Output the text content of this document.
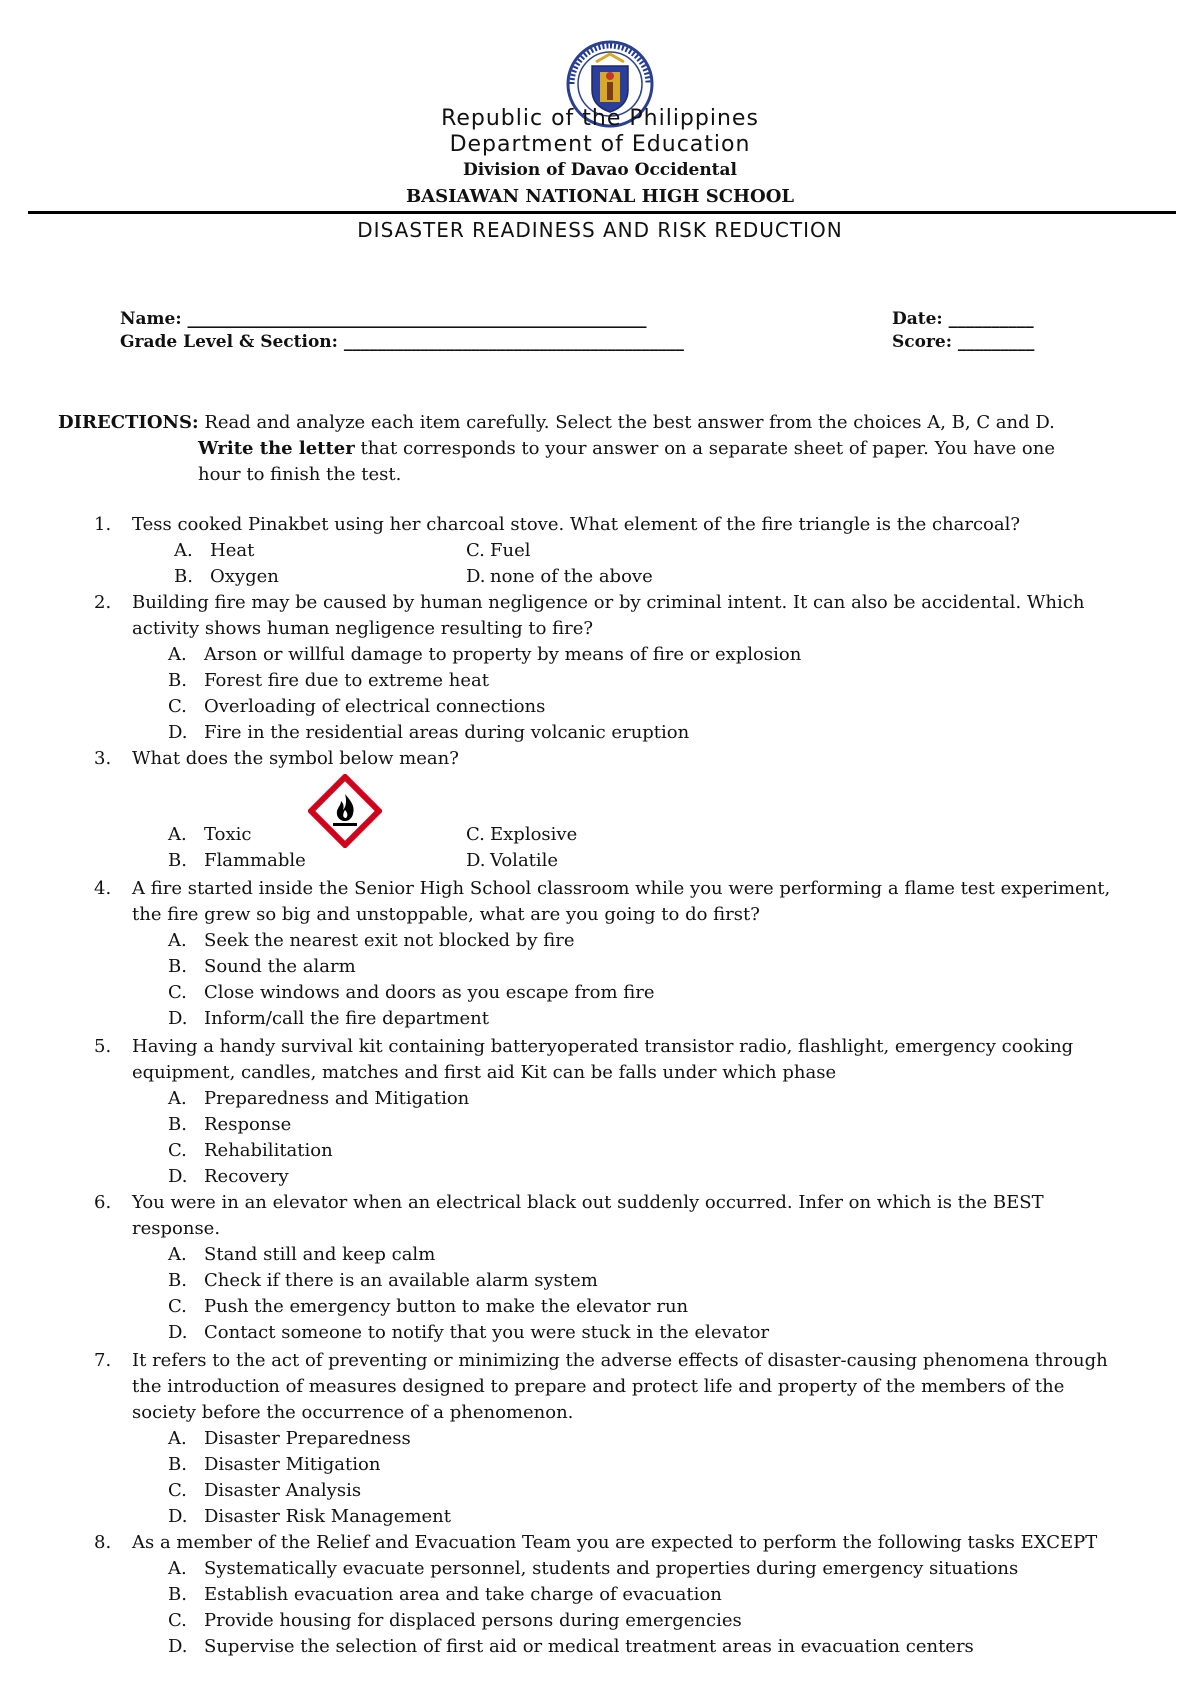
Republic of the Philippines
Department of Education
Division of Davao Occidental
BASIAWAN NATIONAL HIGH SCHOOL
DISASTER READINESS AND RISK REDUCTION
Name: ______________________________________________________
Grade Level & Section: ________________________________________
Date: __________
Score: _________
DIRECTIONS: Read and analyze each item carefully. Select the best answer from the choices A, B, C and D.
Write the letter that corresponds to your answer on a separate sheet of paper. You have one
hour to finish the test.
1. Tess cooked Pinakbet using her charcoal stove. What element of the fire triangle is the charcoal?
A. Heat	C. Fuel
B. Oxygen	D. none of the above
2. Building fire may be caused by human negligence or by criminal intent. It can also be accidental. Which
activity shows human negligence resulting to fire?
A. Arson or willful damage to property by means of fire or explosion
B. Forest fire due to extreme heat
C. Overloading of electrical connections
D. Fire in the residential areas during volcanic eruption
3. What does the symbol below mean?
A. Toxic	C. Explosive
B. Flammable	D. Volatile
4. A fire started inside the Senior High School classroom while you were performing a flame test experiment,
the fire grew so big and unstoppable, what are you going to do first?
A. Seek the nearest exit not blocked by fire
B. Sound the alarm
C. Close windows and doors as you escape from fire
D. Inform/call the fire department
5. Having a handy survival kit containing batteryoperated transistor radio, flashlight, emergency cooking
equipment, candles, matches and first aid Kit can be falls under which phase
A. Preparedness and Mitigation
B. Response
C. Rehabilitation
D. Recovery
6. You were in an elevator when an electrical black out suddenly occurred. Infer on which is the BEST
response.
A. Stand still and keep calm
B. Check if there is an available alarm system
C. Push the emergency button to make the elevator run
D. Contact someone to notify that you were stuck in the elevator
7. It refers to the act of preventing or minimizing the adverse effects of disaster-causing phenomena through
the introduction of measures designed to prepare and protect life and property of the members of the
society before the occurrence of a phenomenon.
A. Disaster Preparedness
B. Disaster Mitigation
C. Disaster Analysis
D. Disaster Risk Management
8. As a member of the Relief and Evacuation Team you are expected to perform the following tasks EXCEPT
A. Systematically evacuate personnel, students and properties during emergency situations
B. Establish evacuation area and take charge of evacuation
C. Provide housing for displaced persons during emergencies
D. Supervise the selection of first aid or medical treatment areas in evacuation centers
